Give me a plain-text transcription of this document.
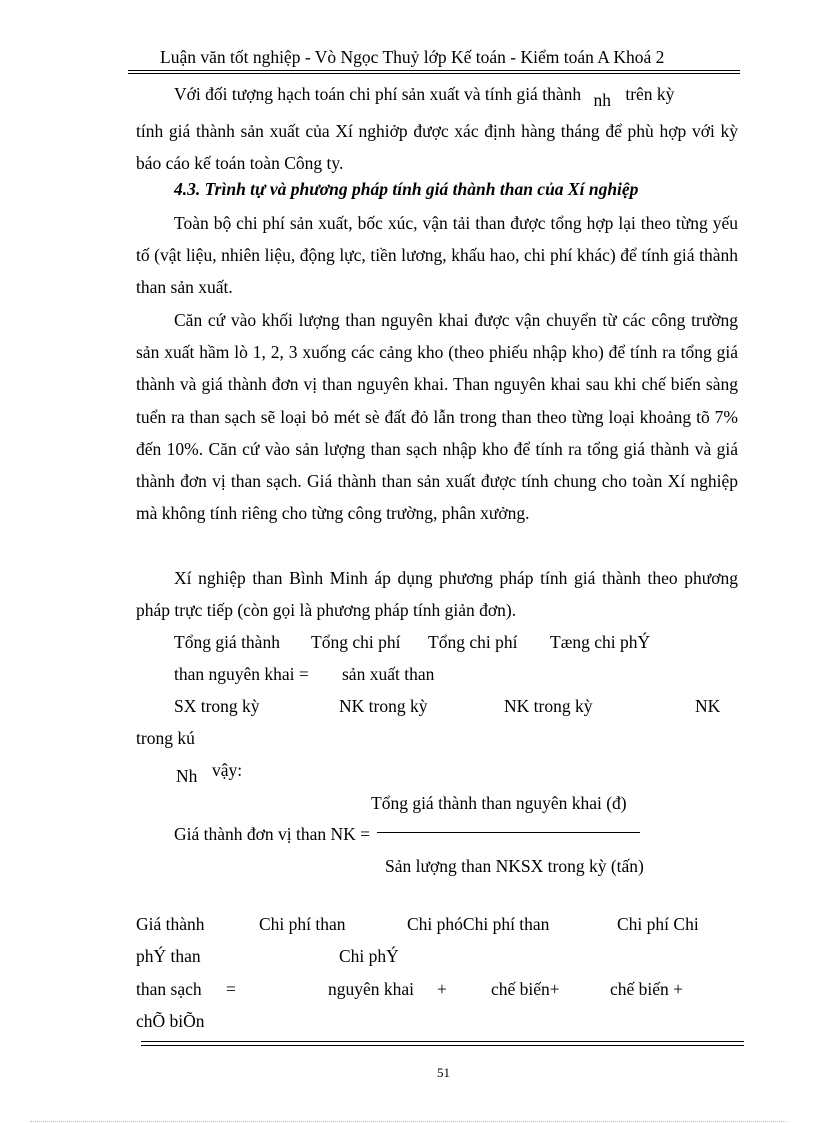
Luận văn tốt nghiệp - Vò Ngọc Thuỷ lớp Kế toán - Kiểm toán A Khoá 2
Với đối tượng hạch toán chi phí sản xuất và tính giá thành nh trên kỳ
tính giá thành sản xuất của Xí nghiởp được xác định hàng tháng để phù hợp với kỳ báo cáo kế toán toàn Công ty.
4.3. Trình tự và phương pháp tính giá thành than của Xí nghiệp
Toàn bộ chi phí sản xuất, bốc xúc, vận tải than được tổng hợp lại theo từng yếu tố (vật liệu, nhiên liệu, động lực, tiền lương, khấu hao, chi phí khác) để tính giá thành than sản xuất.
Căn cứ vào khối lượng than nguyên khai được vận chuyển từ các công trường sản xuất hầm lò 1, 2, 3 xuống các cảng kho (theo phiếu nhập kho) để tính ra tổng giá thành và giá thành đơn vị than nguyên khai. Than nguyên khai sau khi chế biến sàng tuển ra than sạch sẽ loại bỏ mét sè đất đỏ lẫn trong than theo từng loại khoảng tõ 7% đến 10%. Căn cứ vào sản lượng than sạch nhập kho để tính ra tổng giá thành và giá thành đơn vị than sạch. Giá thành than sản xuất được tính chung cho toàn Xí nghiệp mà không tính riêng cho từng công trường, phân xưởng.
Xí nghiệp than Bình Minh áp dụng phương pháp tính giá thành theo phương pháp trực tiếp (còn gọi là phương pháp tính giản đơn).
Tổng giá thành Tổng chi phí Tổng chi phí Tæng chi phÝ
than nguyên khai = sản xuất than
SX trong kỳ	NK trong kỳ	NK trong kỳ	NK
trong kú
Nh vậy:
Tổng giá thành than nguyên khai (đ)
Giá thành đơn vị than NK =
Sản lượng than NKSX trong kỳ (tấn)
Giá thành	Chi phí than	Chi phóChi phí than	Chi phí Chi
phÝ than	Chi phÝ
than sạch =	nguyên khai +	chế biến+	chế biến +
chÕ biÕn
51
